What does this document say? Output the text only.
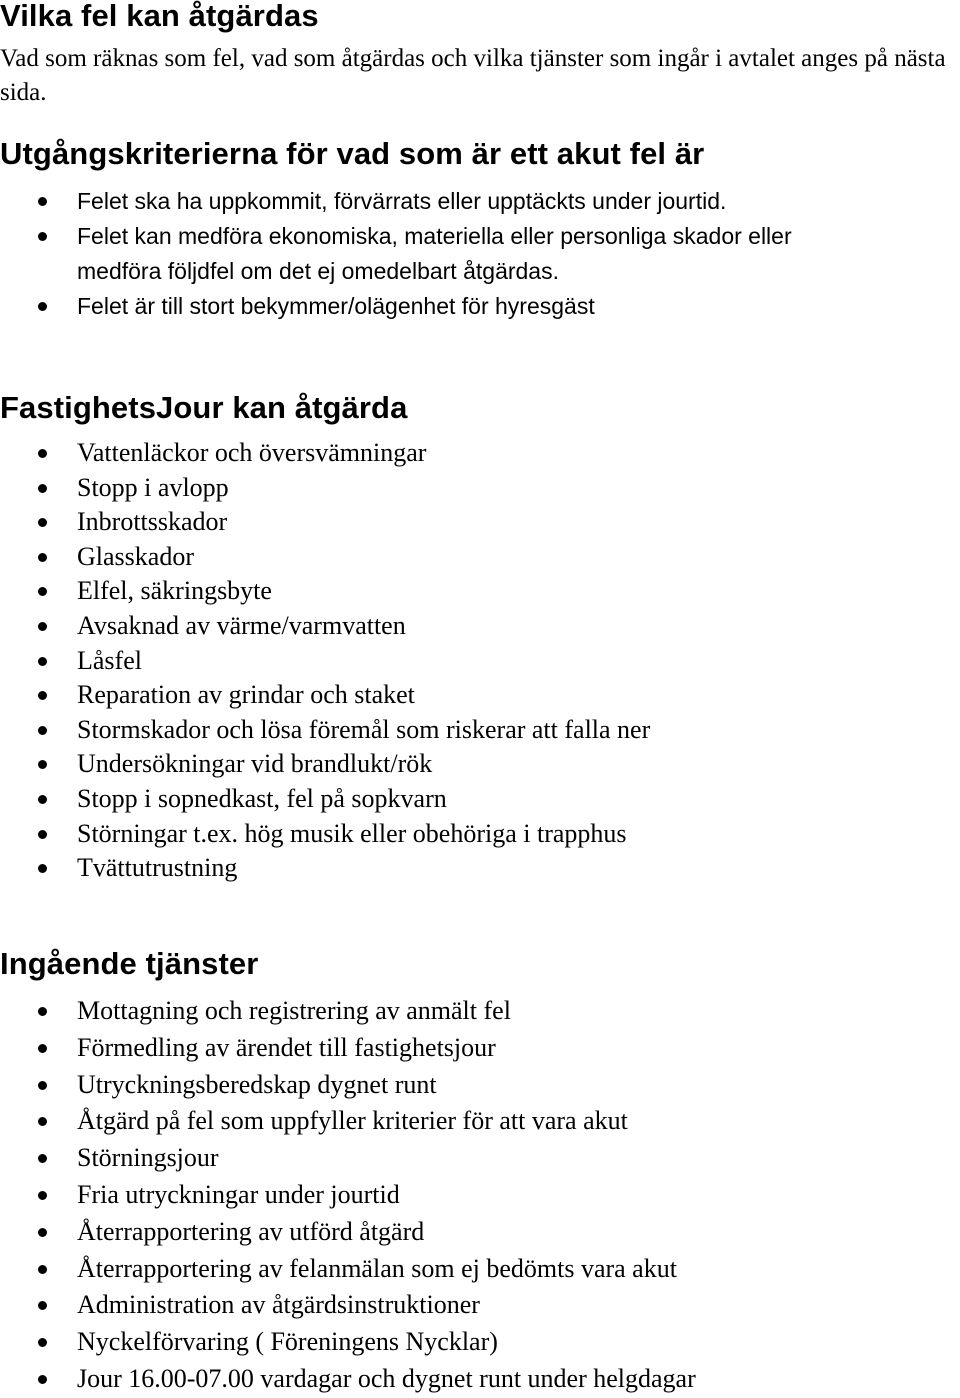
Vilka fel kan åtgärdas

Vad som räknas som fel, vad som åtgärdas och vilka tjänster som ingår i avtalet anges på nästa sida.

Utgångskriterierna för vad som är ett akut fel är
Felet ska ha uppkommit, förvärrats eller upptäckts under jourtid.
Felet kan medföra ekonomiska, materiella eller personliga skador eller
medföra följdfel om det ej omedelbart åtgärdas.
Felet är till stort bekymmer/olägenhet för hyresgäst
FastighetsJour kan åtgärda
Vattenläckor och översvämningar
Stopp i avlopp
Inbrottsskador
Glasskador
Elfel, säkringsbyte
Avsaknad av värme/varmvatten
Låsfel
Reparation av grindar och staket
Stormskador och lösa föremål som riskerar att falla ner
Undersökningar vid brandlukt/rök
Stopp i sopnedkast, fel på sopkvarn
Störningar t.ex. hög musik eller obehöriga i trapphus
Tvättutrustning
Ingående tjänster
Mottagning och registrering av anmält fel
Förmedling av ärendet till fastighetsjour
Utryckningsberedskap dygnet runt
Åtgärd på fel som uppfyller kriterier för att vara akut
Störningsjour
Fria utryckningar under jourtid
Återrapportering av utförd åtgärd
Återrapportering av felanmälan som ej bedömts vara akut
Administration av åtgärdsinstruktioner
Nyckelförvaring ( Föreningens Nycklar)
Jour 16.00-07.00 vardagar och dygnet runt under helgdagar
